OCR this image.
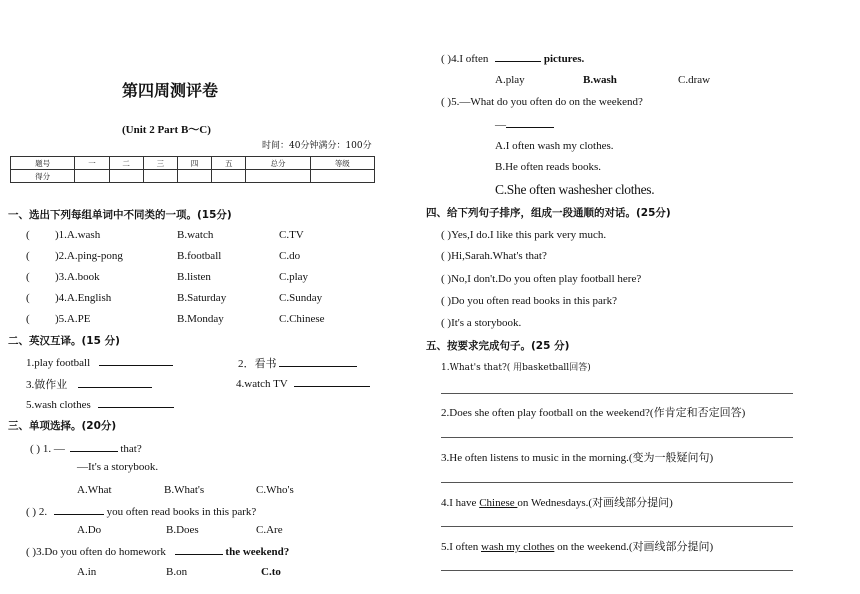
第四周测评卷
(Unit 2 Part B～C)
时间：40分钟满分：100分
题号	一	二	三	四	五	总分	等级
得分							
一、选出下列每组单词中不同类的一项。(15分)
( )1.A.wash	B.watch	C.TV
( )2.A.ping-pong	B.football	C.do
( )3.A.book	B.listen	C.play
( )4.A.English	B.Saturday	C.Sunday
( )5.A.PE	B.Monday	C.Chinese
二、英汉互译。(15 分)
1.play football	2．看书
3.做作业	4.watch TV
5.wash clothes
三、单项选择。(20分)
( ) 1. —	that?
—It's a storybook.
A.What	B.What's	C.Who's
( ) 2.	you often read books in this park?
A.Do	B.Does	C.Are
( )3.Do you often do homework	the weekend?
A.in	B.on	C.to
( )4.I often	pictures.
A.play	B.wash	C.draw
( )5.—What do you often do on the weekend?
—
A.I often wash my clothes.
B.He often reads books.
C.She often washesher clothes.
四、给下列句子排序，组成一段通顺的对话。(25分)
( )Yes,I do.I like this park very much.
( )Hi,Sarah.What's that?
( )No,I don't.Do you often play football here?
( )Do you often read books in this park?
( )It's a storybook.
五、按要求完成句子。(25 分)
1.What's that?( 用basketball回答)
2.Does she often play football on the weekend?(作肯定和否定回答)
3.He often listens to music in the morning.(变为一般疑问句)
4.I have Chinese on Wednesdays.(对画线部分提问)
5.I often wash my clothes on the weekend.(对画线部分提问)
